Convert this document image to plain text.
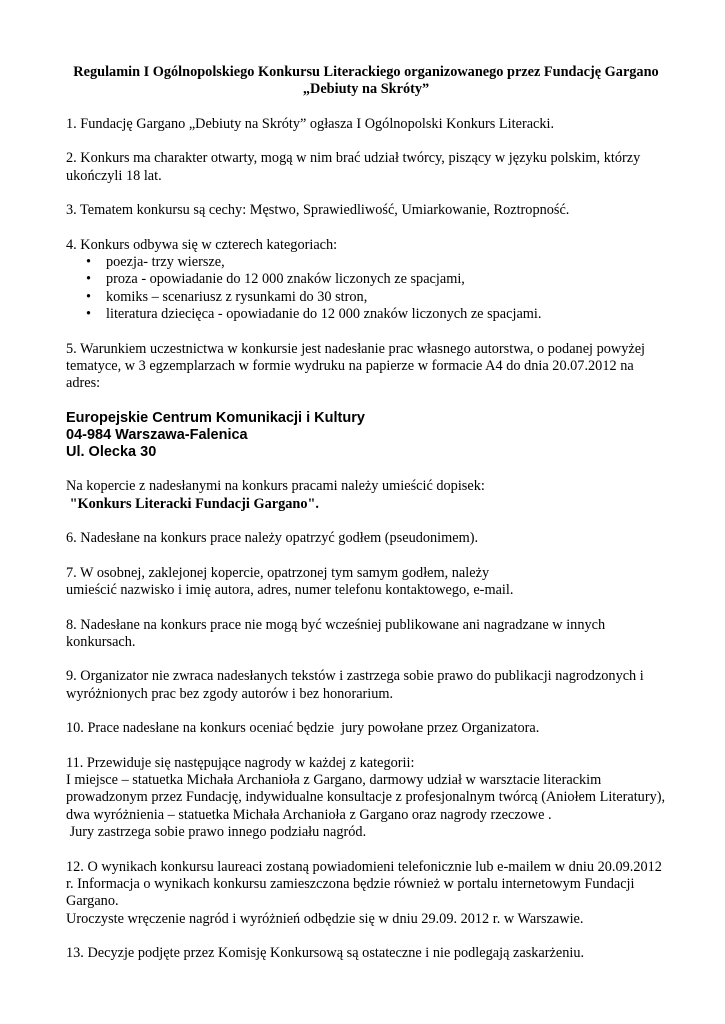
Regulamin I Ogólnopolskiego Konkursu Literackiego organizowanego przez Fundację Gargano „Debiuty na Skróty”

1. Fundację Gargano „Debiuty na Skróty” ogłasza I Ogólnopolski Konkurs Literacki.

2. Konkurs ma charakter otwarty, mogą w nim brać udział twórcy, piszący w języku polskim, którzy ukończyli 18 lat.

3. Tematem konkursu są cechy: Męstwo, Sprawiedliwość, Umiarkowanie, Roztropność.

4. Konkurs odbywa się w czterech kategoriach:
• poezja- trzy wiersze,
• proza - opowiadanie do 12 000 znaków liczonych ze spacjami,
• komiks – scenariusz z rysunkami do 30 stron,
• literatura dziecięca - opowiadanie do 12 000 znaków liczonych ze spacjami.

5. Warunkiem uczestnictwa w konkursie jest nadesłanie prac własnego autorstwa, o podanej powyżej tematyce, w 3 egzemplarzach w formie wydruku na papierze w formacie A4 do dnia 20.07.2012 na adres:

Europejskie Centrum Komunikacji i Kultury
04-984 Warszawa-Falenica
Ul. Olecka 30
Na kopercie z nadesłanymi na konkurs pracami należy umieścić dopisek:
"Konkurs Literacki Fundacji Gargano".

6. Nadesłane na konkurs prace należy opatrzyć godłem (pseudonimem).

7. W osobnej, zaklejonej kopercie, opatrzonej tym samym godłem, należy
umieścić nazwisko i imię autora, adres, numer telefonu kontaktowego, e-mail.

8. Nadesłane na konkurs prace nie mogą być wcześniej publikowane ani nagradzane w innych konkursach.

9. Organizator nie zwraca nadesłanych tekstów i zastrzega sobie prawo do publikacji nagrodzonych i wyróżnionych prac bez zgody autorów i bez honorarium.

10. Prace nadesłane na konkurs oceniać będzie  jury powołane przez Organizatora.

11. Przewiduje się następujące nagrody w każdej z kategorii:
I miejsce – statuetka Michała Archanioła z Gargano, darmowy udział w warsztacie literackim prowadzonym przez Fundację, indywidualne konsultacje z profesjonalnym twórcą (Aniołem Literatury),
dwa wyróżnienia – statuetka Michała Archanioła z Gargano oraz nagrody rzeczowe .
Jury zastrzega sobie prawo innego podziału nagród.
12. O wynikach konkursu laureaci zostaną powiadomieni telefonicznie lub e-mailem w dniu 20.09.2012 r. Informacja o wynikach konkursu zamieszczona będzie również w portalu internetowym Fundacji Gargano.
Uroczyste wręczenie nagród i wyróżnień odbędzie się w dniu 29.09. 2012 r. w Warszawie.

13. Decyzje podjęte przez Komisję Konkursową są ostateczne i nie podlegają zaskarżeniu.
